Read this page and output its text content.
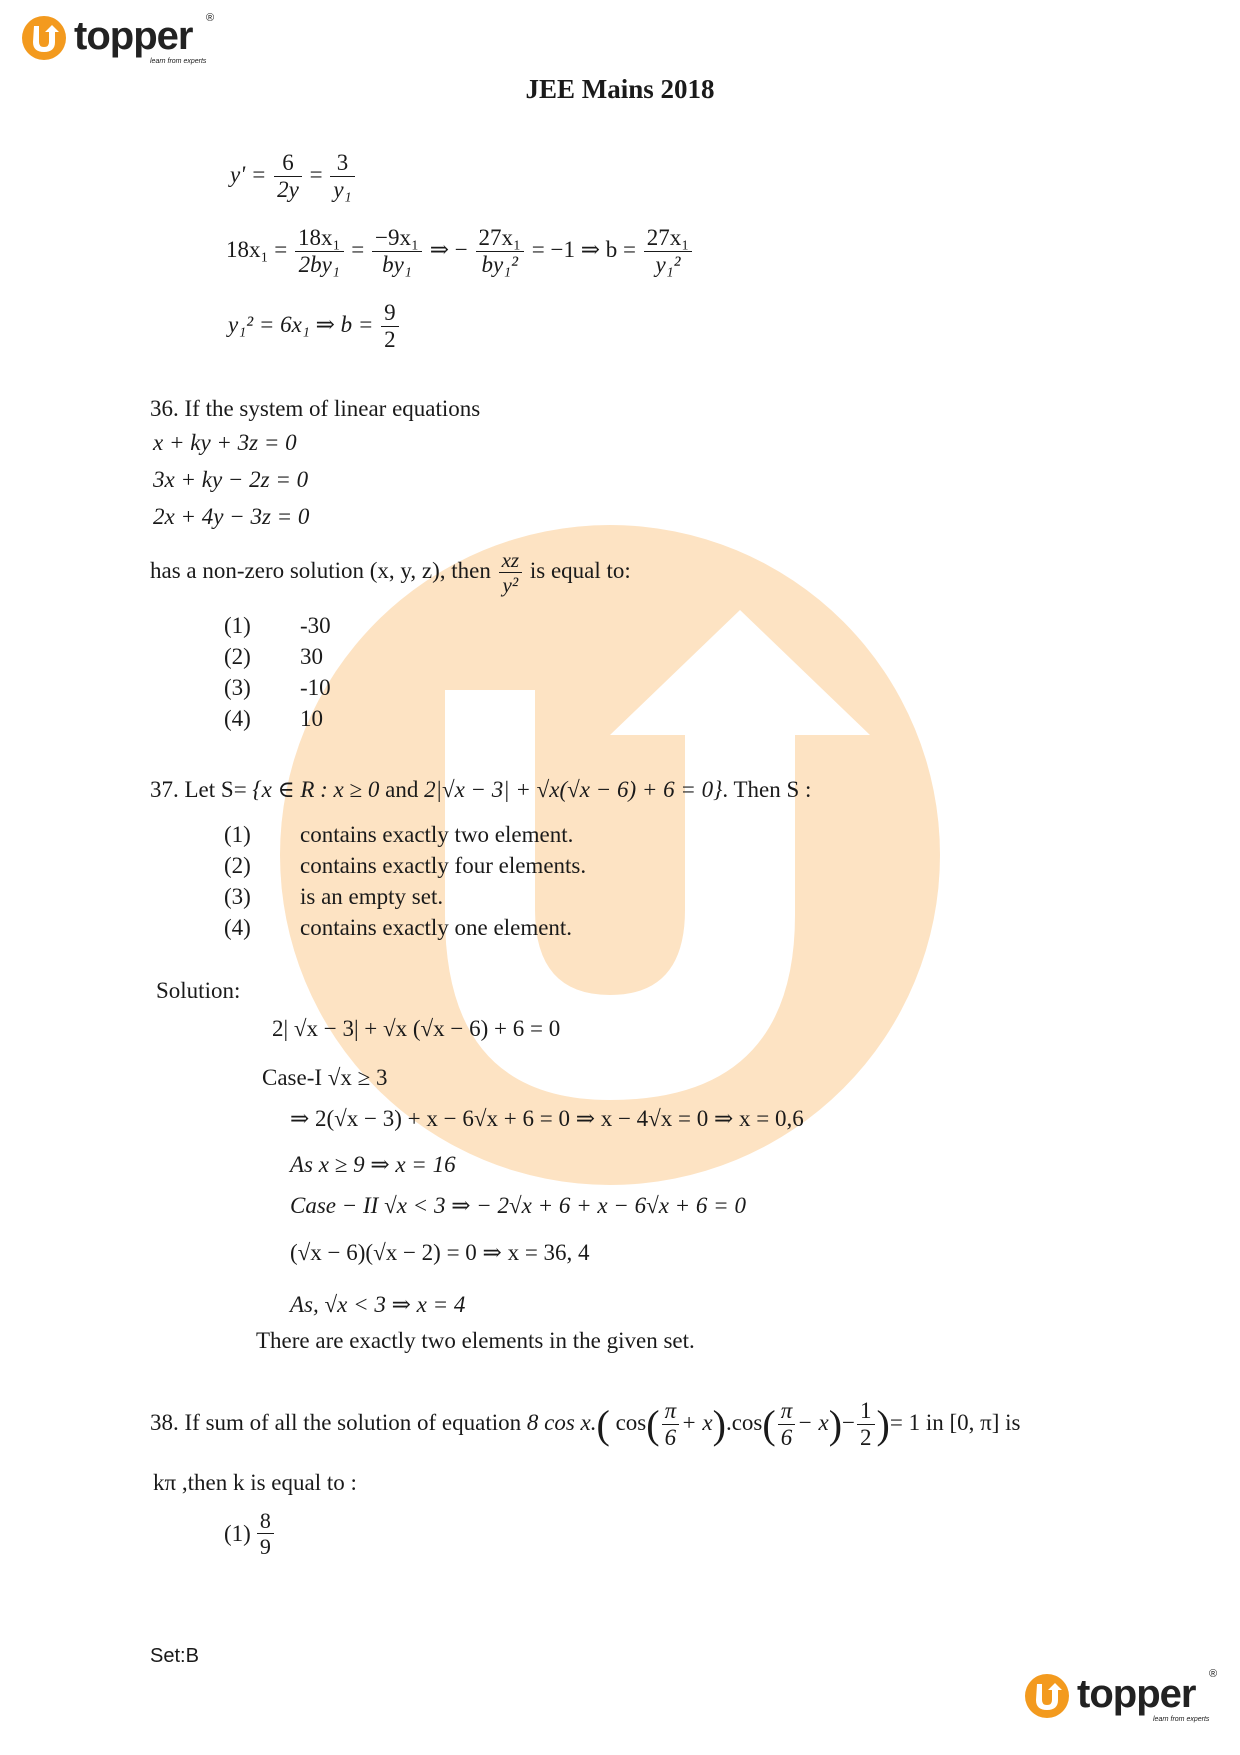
topper ®
learn from experts
JEE Mains 2018
$y' = \frac{6}{2y} = \frac{3}{\text{y₁}}$
$18x_1 = \frac{\text{18x₁}}{\text{2by₁}} = \frac{\text{−9x₁}}{\text{by₁}}$ ⇒ − $\frac{\text{27x₁}}{\text{by₁²}} = -1$ ⇒ $b = \frac{\text{27x₁}}{\text{y₁²}}$
y₁² = 6x₁ ⇒ $b = \frac{9}{2}$
36. If the system of linear equations
x + ky + 3z = 0
3x + ky − 2z = 0
2x + 4y − 3z = 0
has a non-zero solution (x, y, z), then $\frac{xz}{\text{y²}}$ is equal to:
(1) -30
(2) 30
(3) -10
(4) 10
37. Let S= {x ∈ R : x ≥ 0 and 2|√x − 3| + √x(√x − 6) + 6 = 0}. Then S :
(1) contains exactly two element.
(2) contains exactly four elements.
(3) is an empty set.
(4) contains exactly one element.
Solution:
2| √x − 3| + √x (√x − 6) + 6 = 0
Case-I √x ≥ 3
⇒ 2(√x − 3) + x − 6√x + 6 = 0 ⇒ x − 4√x = 0 ⇒ x = 0,6
As x ≥ 9 ⇒ x = 16
Case − II √x < 3 ⇒ − 2√x + 6 + x − 6√x + 6 = 0
(√x − 6)(√x − 2) = 0 ⇒ x = 36, 4
As, √x < 3 ⇒ x = 4
There are exactly two elements in the given set.
38. If sum of all the solution of equation 8 cos x.( $\cos( \frac{\pi}{6} + x).\cos( \frac{\pi}{6} - x)- \frac{1}{2}$ )= 1 in [0, π] is
kπ ,then k is equal to :
$(1) \frac{8}{9}$
Set:B
topper ®
learn from experts
